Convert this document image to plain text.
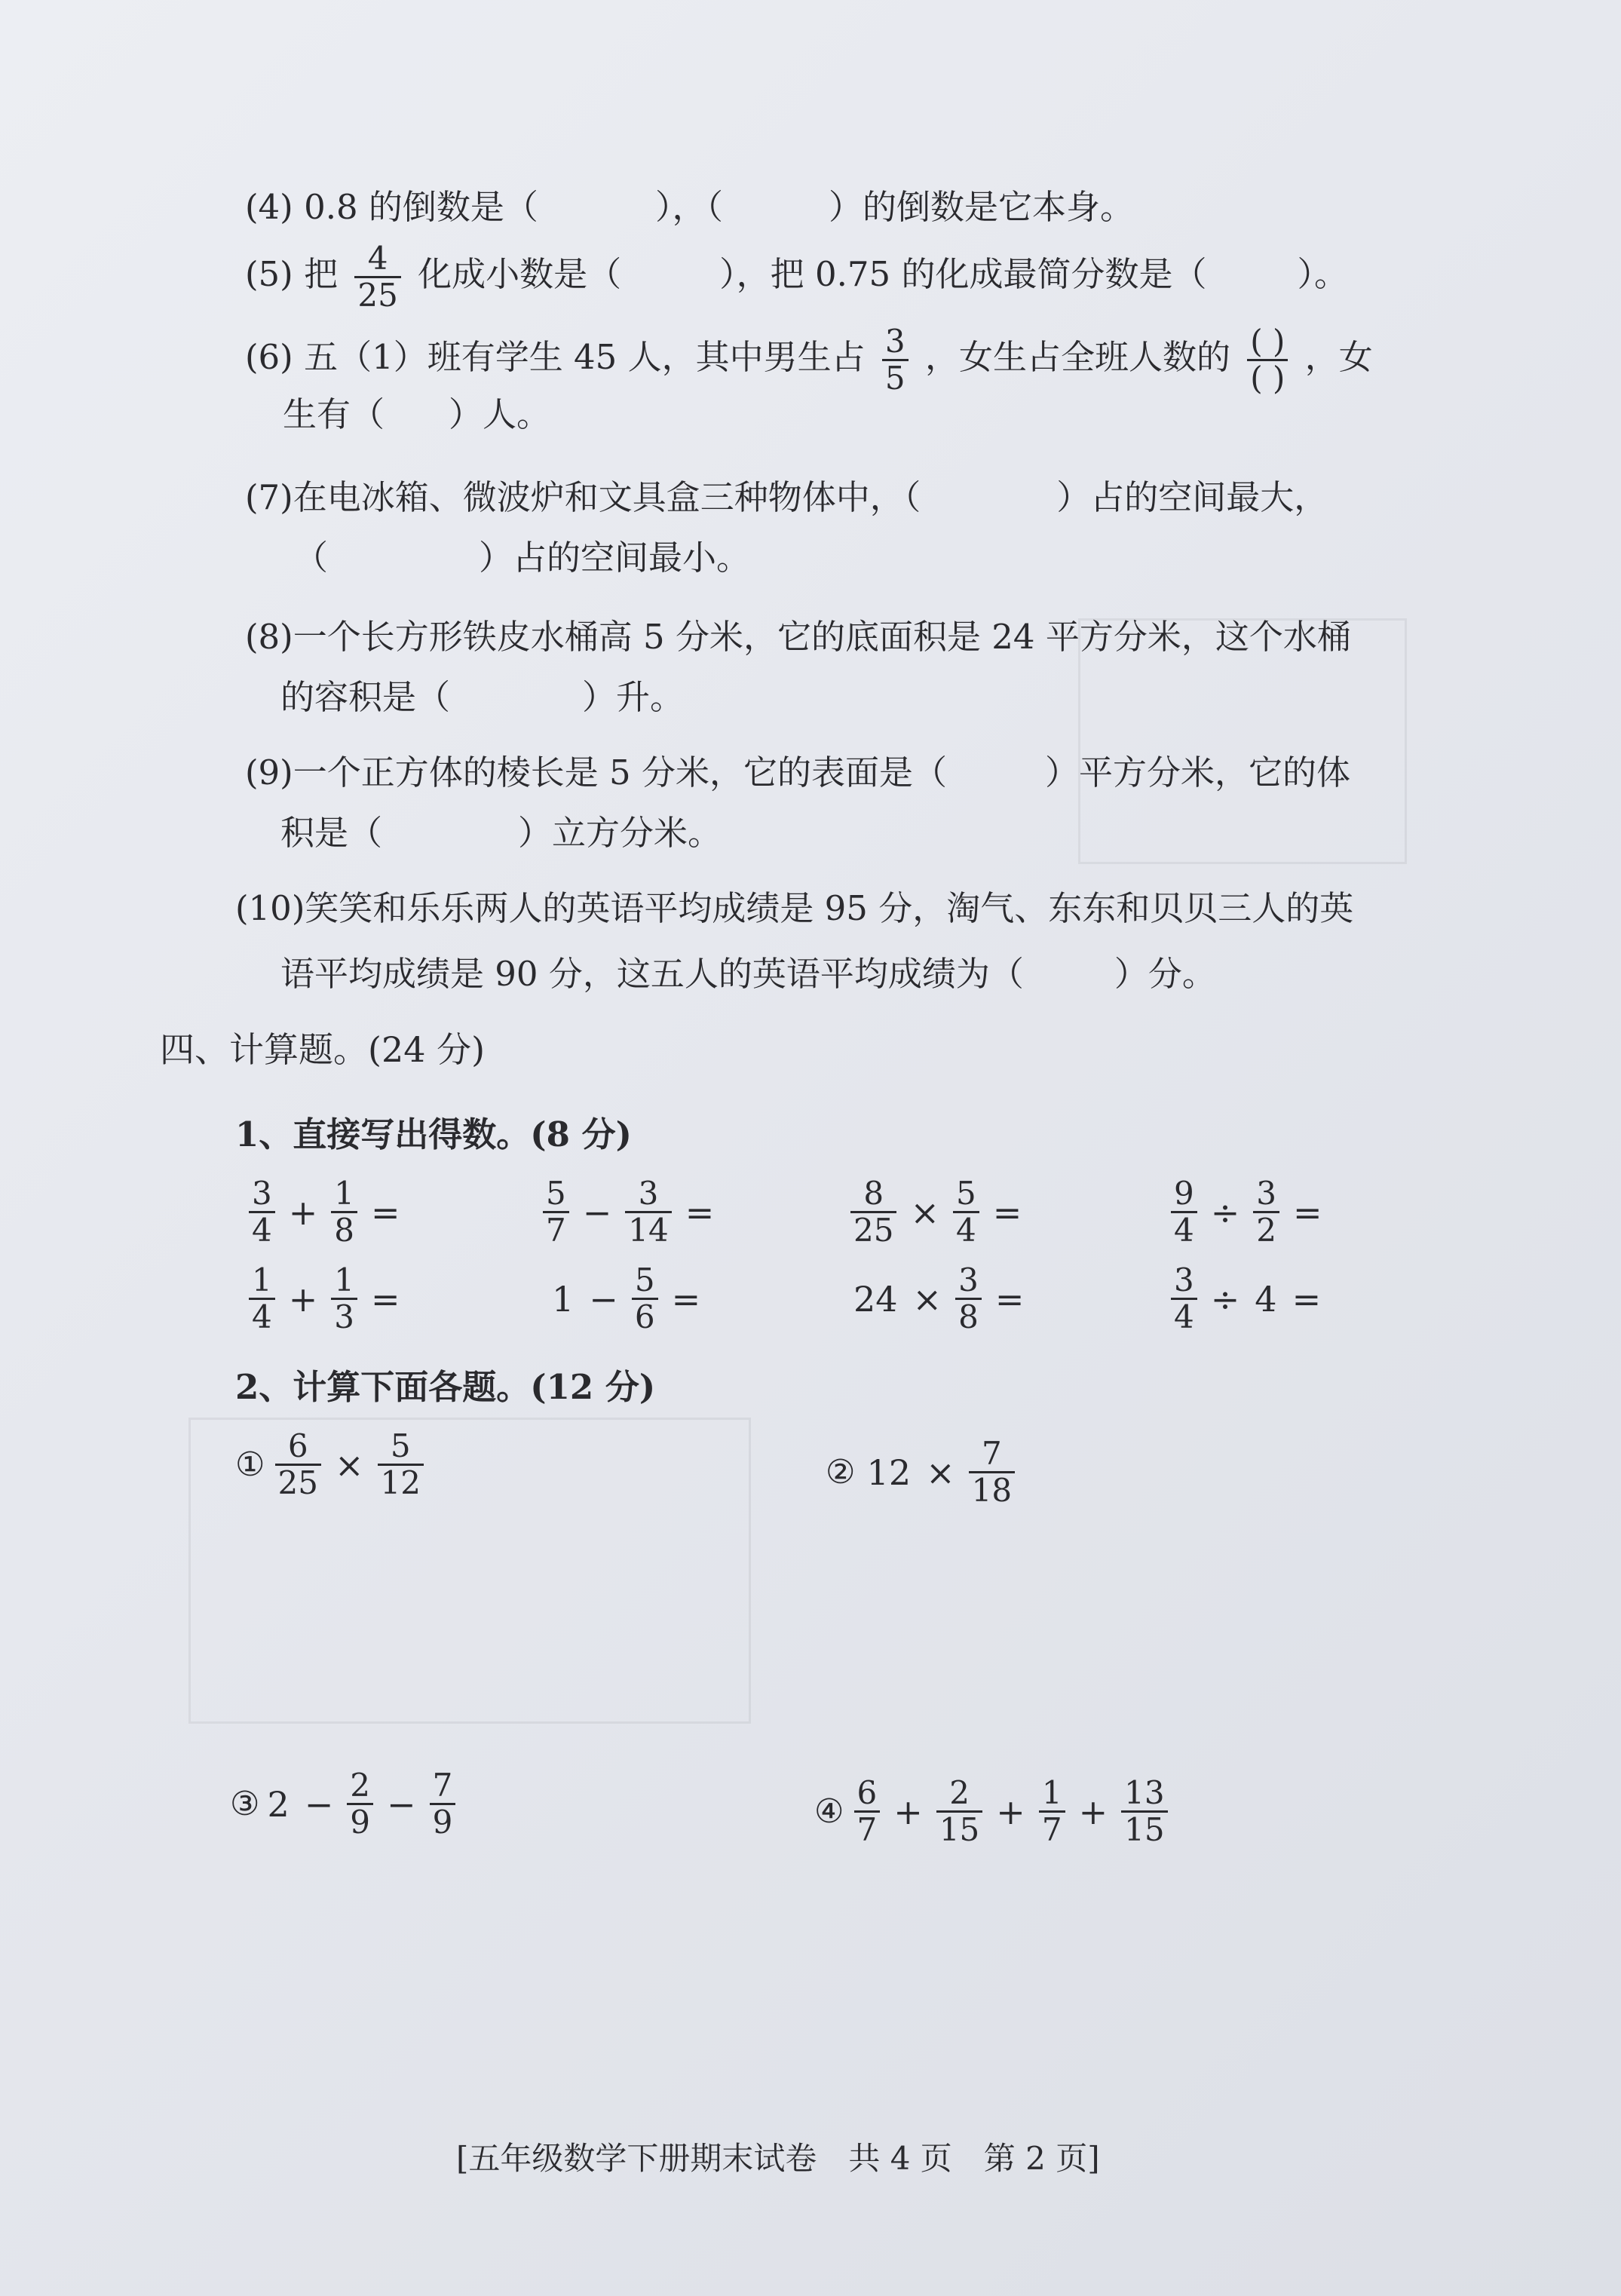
(4) 0.8 的倒数是（	），（	）的倒数是它本身。
(5) 把 $\frac{4}{25}$ 化成小数是（	），把 0.75 的化成最简分数是（	）。
(6) 五（1）班有学生 45 人，其中男生占 $\frac{3}{5}$ ，女生占全班人数的 $\frac{( )}{( )}$ ，女
生有（ ）人。
(7)在电冰箱、微波炉和文具盒三种物体中，（	）占的空间最大，
（	）占的空间最小。
(8)一个长方形铁皮水桶高 5 分米，它的底面积是 24 平方分米，这个水桶
的容积是（	）升。
(9)一个正方体的棱长是 5 分米，它的表面是（	）平方分米，它的体
积是（	）立方分米。
(10)笑笑和乐乐两人的英语平均成绩是 95 分，淘气、东东和贝贝三人的英
语平均成绩是 90 分，这五人的英语平均成绩为（	）分。
四、计算题。(24 分)
1、直接写出得数。(8 分)
$\frac{3}{4} + \frac{1}{8}$ =	$\frac{5}{7} - \frac{3}{14}$ =	$\frac{8}{25} \times \frac{5}{4}$ =	$\frac{9}{4} \div \frac{3}{2}$ =
$\frac{1}{4} + \frac{1}{3}$ =	$1 - \frac{5}{6}$ =	$24 \times \frac{3}{8}$ =	$\frac{3}{4} \div 4$ =
2、计算下面各题。(12 分)
① $\frac{6}{25} \times \frac{5}{12}$	② $12 \times \frac{7}{18}$
③ $2 - \frac{2}{9} - \frac{7}{9}$	④ $\frac{6}{7} + \frac{2}{15} + \frac{1}{7} + \frac{13}{15}$
[五年级数学下册期末试卷　共 4 页　第 2 页]
